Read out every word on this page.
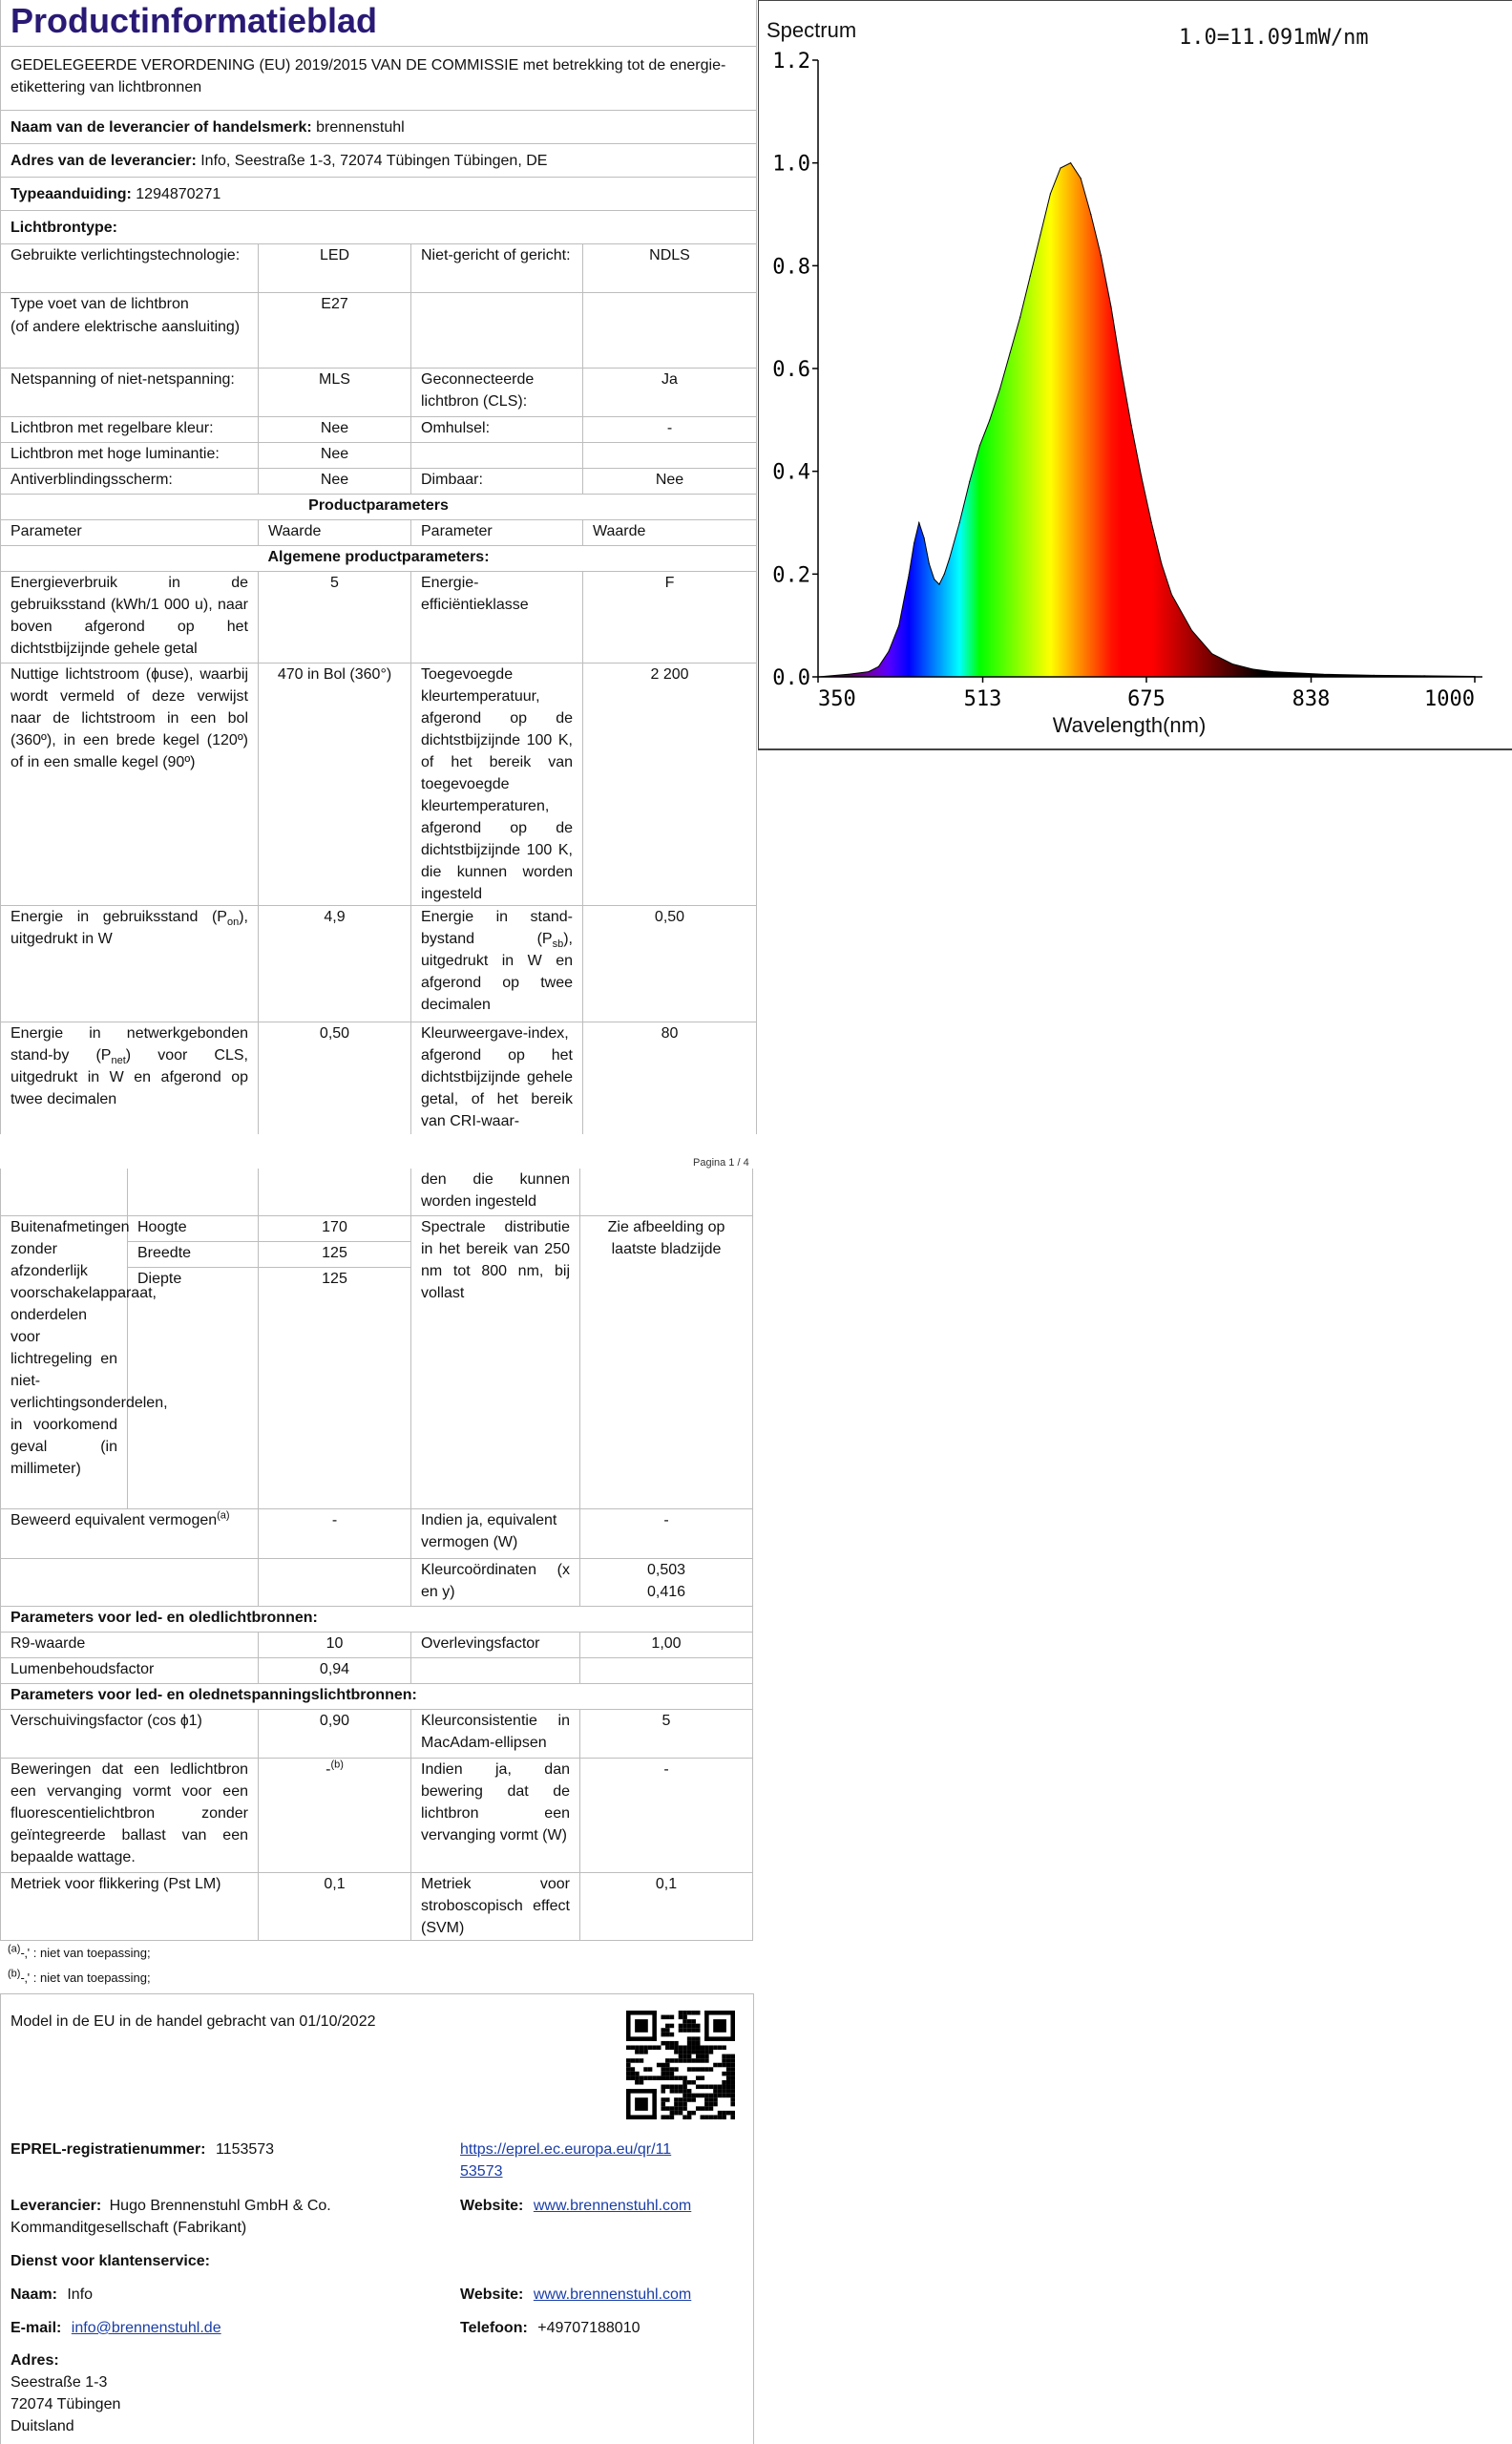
Productinformatieblad

GEDELEGEERDE VERORDENING (EU) 2019/2015 VAN DE COMMISSIE met betrekking tot de energie-etikettering van lichtbronnen

Naam van de leverancier of handelsmerk: brennenstuhl
Adres van de leverancier: Info, Seestraße 1-3, 72074 Tübingen Tübingen, DE
Typeaanduiding: 1294870271
Lichtbrontype:
Gebruikte verlichtingstechnologie:	LED	Niet-gericht of gericht:	NDLS

Type voet van de lichtbron
(of andere elektrische aansluiting)	E27		
Netspanning of niet-netspanning:	MLS	Geconnecteerde lichtbron (CLS):	Ja
Lichtbron met regelbare kleur:	Nee	Omhulsel:	-
Lichtbron met hoge luminantie:	Nee		
Antiverblindingsscherm:	Nee	Dimbaar:	Nee
Productparameters			
Parameter	Waarde	Parameter	Waarde
Algemene productparameters:			
Energieverbruik in de gebruiksstand (kWh/1 000 u), naar boven afgerond op het dichtstbijzijnde gehele getal	5	Energie-efficiëntieklasse	F
Nuttige lichtstroom (ɸuse), waarbij wordt vermeld of deze verwijst naar de lichtstroom in een bol (360º), in een brede kegel (120º) of in een smalle kegel (90º)	470 in Bol (360°)	Toegevoegde kleurtemperatuur, afgerond op de dichtstbijzijnde 100 K, of het bereik van toegevoegde kleurtemperaturen, afgerond op de dichtstbijzijnde 100 K, die kunnen worden ingesteld	2 200
Energie in gebruiksstand $(P_{on})$, uitgedrukt in W	4,9	Energie in stand-bystand $(P_{sb})$, uitgedrukt in W en afgerond op twee decimalen	0,50
Energie in netwerkgebonden stand-by $(P_{net})$ voor CLS, uitgedrukt in W en afgerond op twee decimalen	0,50	Kleurweergave-index, afgerond op het dichtstbijzijnde gehele getal, of het bereik van CRI-waar-	80
Pagina 1 / 4
			den die kunnen worden ingesteld	
Buitenafmetingen zonder afzonderlijk voorschakelapparaat, onderdelen voor lichtregeling en niet-verlichtingsonderdelen, in voorkomend geval (in millimeter)	Hoogte	170	Spectrale distributie in het bereik van 250 nm tot 800 nm, bij vollast	Zie afbeelding op laatste bladzijde
	Breedte	125		
	Diepte	125		
Beweerd equivalent vermogen$^{(a)}$		-	Indien ja, equivalent vermogen (W)	-
			Kleurcoördinaten (x en y)	0,503
0,416

Parameters voor led- en oledlichtbronnen:				
R9-waarde		10	Overlevingsfactor	1,00
Lumenbehoudsfactor		0,94		
Parameters voor led- en olednetspanningslichtbronnen:				
Verschuivingsfactor (cos ɸ1)		0,90	Kleurconsistentie in MacAdam-ellipsen	5
Beweringen dat een ledlichtbron een vervanging vormt voor een fluorescentielichtbron zonder geïntegreerde ballast van een bepaalde wattage.		-$^{(b)}$	Indien ja, dan bewering dat de lichtbron een vervanging vormt (W)	-
Metriek voor flikkering (Pst LM)		0,1	Metriek voor stroboscopisch effect (SVM)	0,1
$^{(a)}$-‚' : niet van toepassing;
$^{(b)}$-‚' : niet van toepassing;
Model in de EU in de handel gebracht van 01/10/2022
EPREL-registratienummer: 1153573	https://eprel.ec.europa.eu/qr/11
53573
Leverancier: Hugo Brennenstuhl GmbH & Co. Kommanditgesellschaft (Fabrikant)
Website: www.brennenstuhl.com
Dienst voor klantenservice:
Naam: Info	Website: www.brennenstuhl.com
E-mail: info@brennenstuhl.de	Telefoon: +49707188010
Adres:
Seestraße 1-3
72074 Tübingen
Duitsland
Spectrum	1.0=11.091mW/nm
0.0
0.2
0.4
0.6
0.8
1.0
1.2
350	513	675	838	1000
Wavelength(nm)
